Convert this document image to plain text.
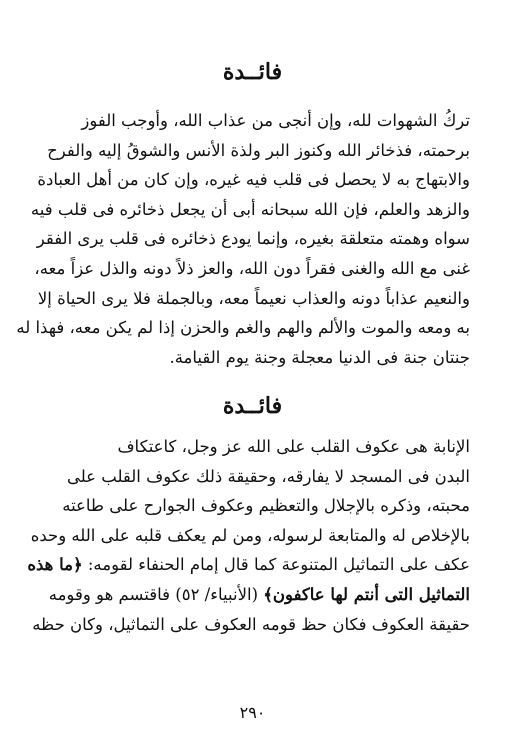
فائــدة

تركُ الشهوات لله، وإن أنجى من عذاب الله، وأوجب الفوز
برحمته، فذخائر الله وكنوز البر ولذة الأنس والشوقُ إليه والفرح
والابتهاج به لا يحصل فى قلب فيه غيره، وإن كان من أهل العبادة
والزهد والعلم، فإن الله سبحانه أبى أن يجعل ذخائره فى قلب فيه
سواه وهمته متعلقة بغيره، وإنما يودع ذخائره فى قلب يرى الفقر
غنى مع الله والغنى فقراً دون الله، والعز ذلاً دونه والذل عزاً معه،
والنعيم عذاباً دونه والعذاب نعيماً معه، وبالجملة فلا يرى الحياة إلا
به ومعه والموت والألم والهم والغم والحزن إذا لم يكن معه، فهذا له
جنتان جنة فى الدنيا معجلة وجنة يوم القيامة.

فائــدة

الإنابة هى عكوف القلب على الله عز وجل، كاعتكاف
البدن فى المسجد لا يفارقه، وحقيقة ذلك عكوف القلب على
محبته، وذكره بالإجلال والتعظيم وعكوف الجوارح على طاعته
بالإخلاص له والمتابعة لرسوله، ومن لم يعكف قلبه على الله وحده
عكف على التماثيل المتنوعة كما قال إمام الحنفاء لقومه: ﴿ما هذه
التماثيل التى أنتم لها عاكفون﴾ (الأنبياء/ ٥٢) فاقتسم هو وقومه
حقيقة العكوف فكان حظ قومه العكوف على التماثيل، وكان حظه

٢٩٠
